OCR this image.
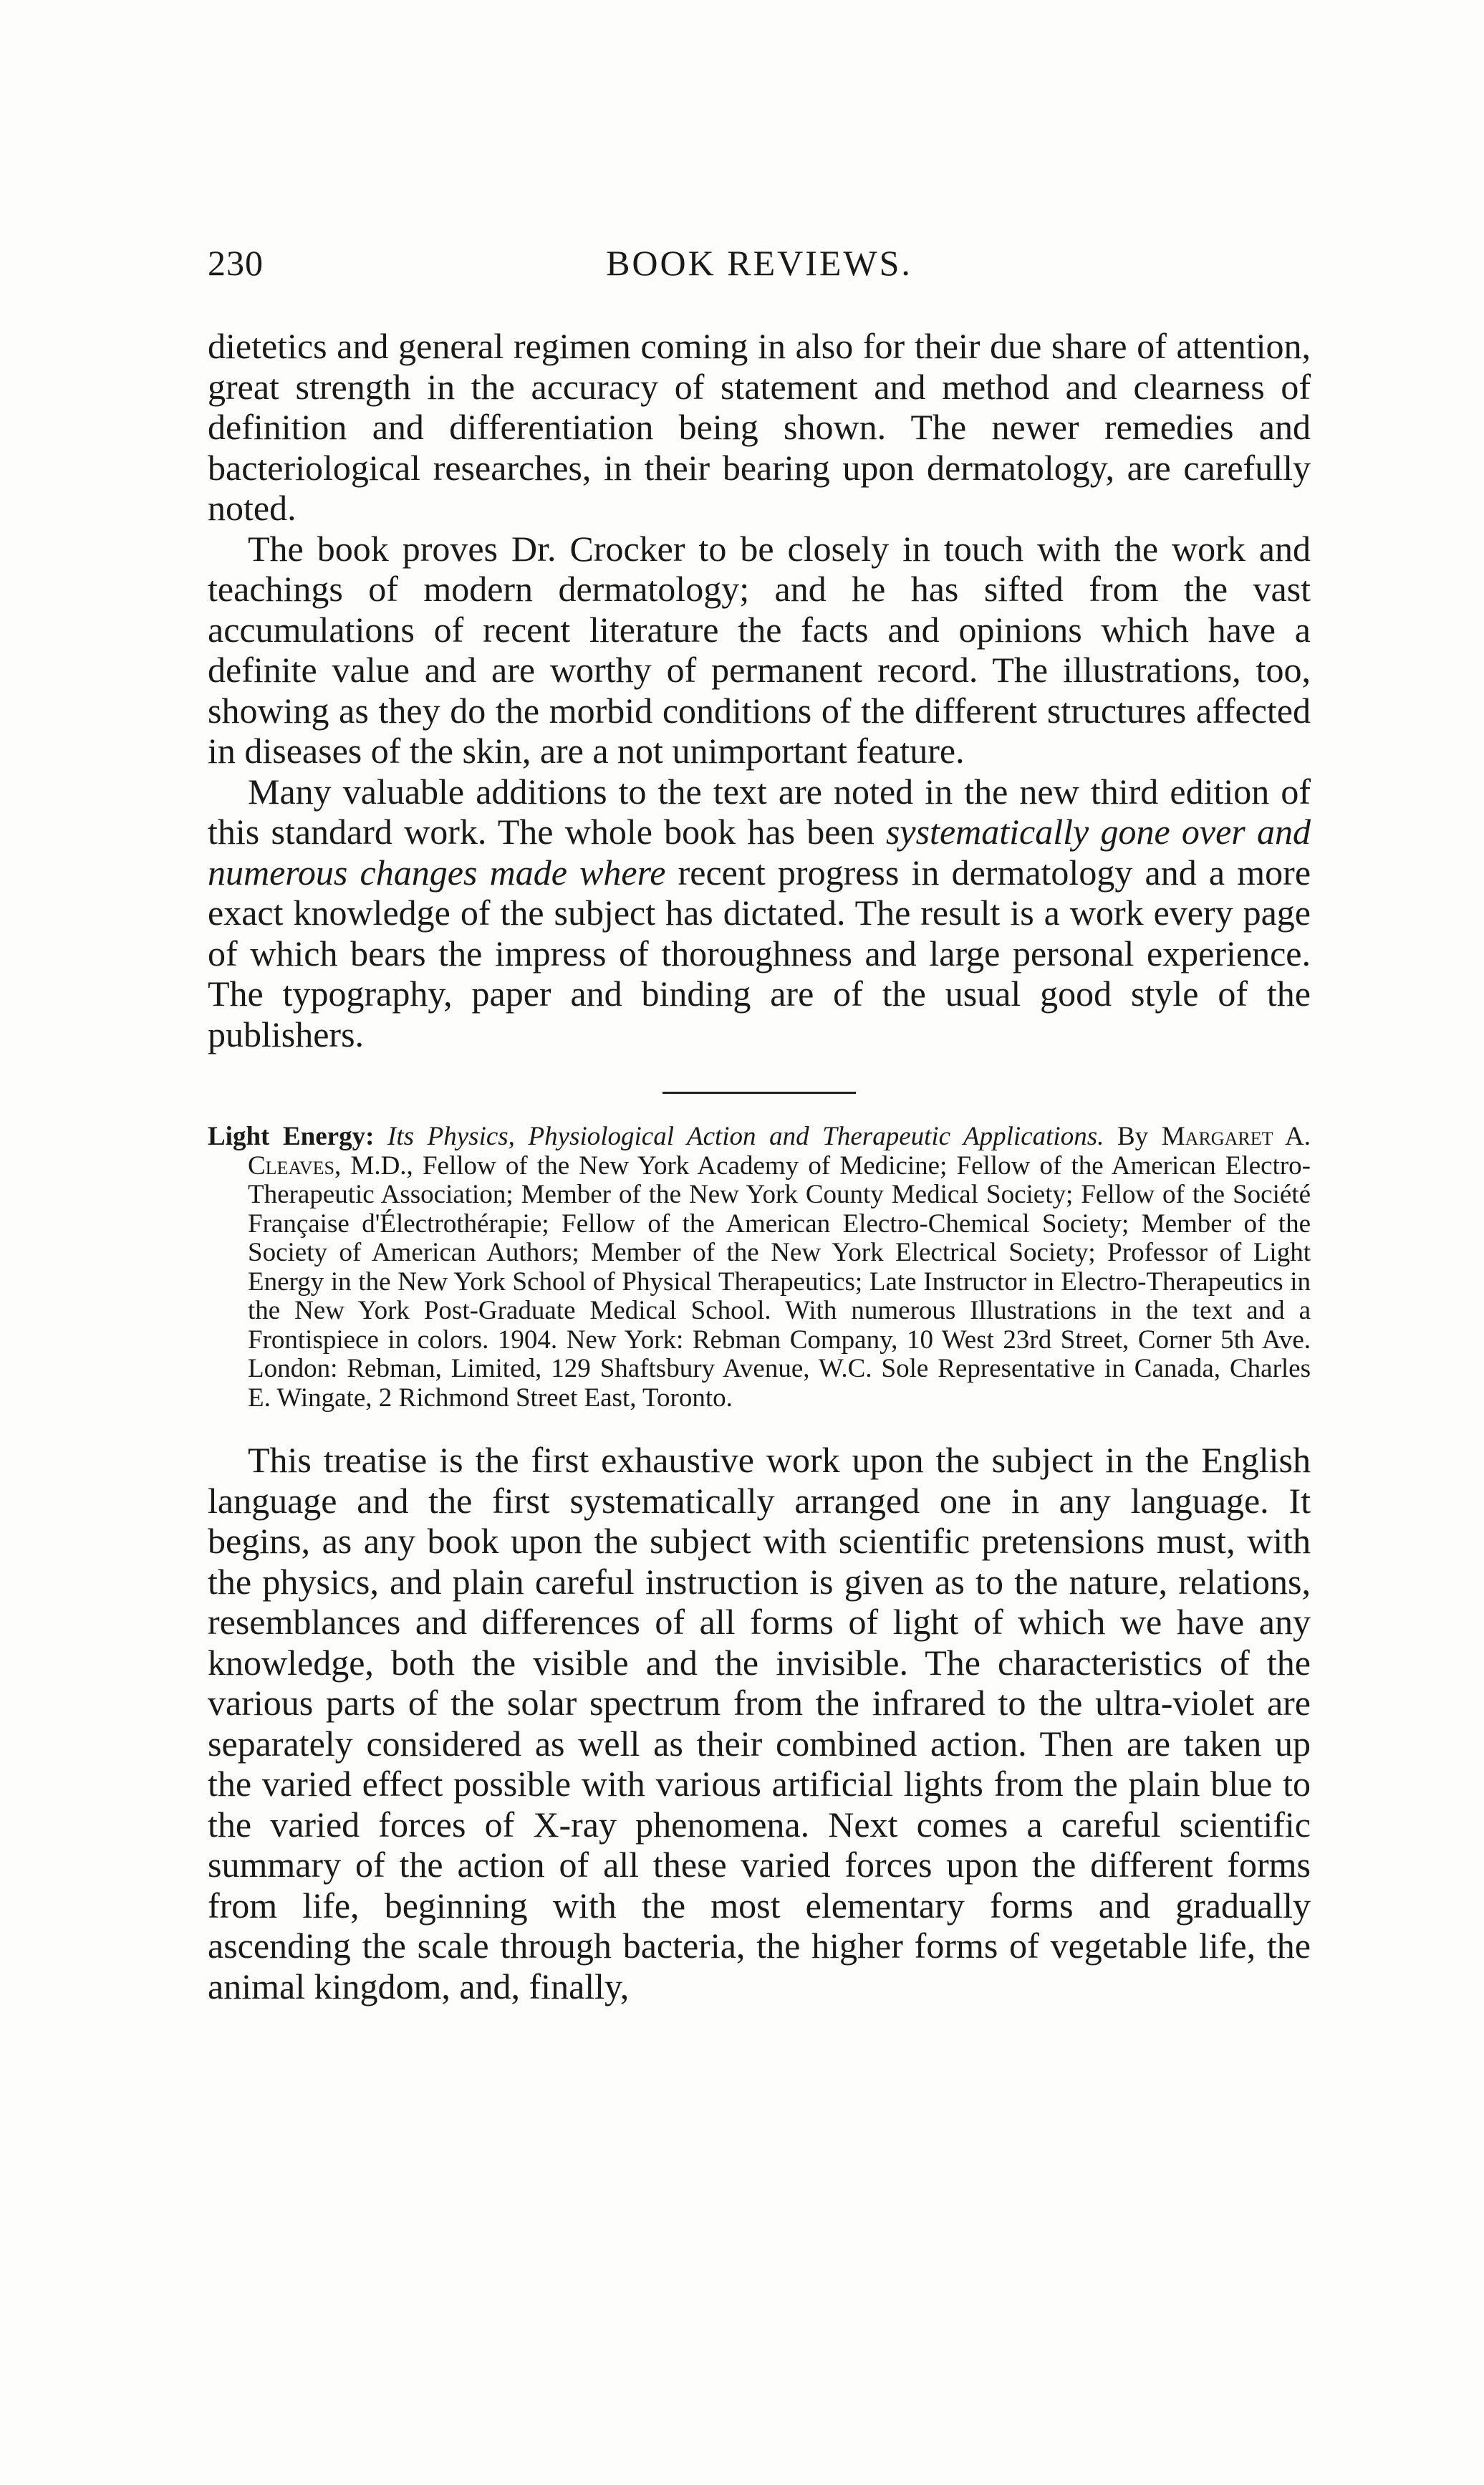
230	BOOK REVIEWS.

dietetics and general regimen coming in also for their due share of attention, great strength in the accuracy of statement and method and clearness of definition and differentiation being shown. The newer remedies and bacteriological researches, in their bearing upon dermatology, are carefully noted.

The book proves Dr. Crocker to be closely in touch with the work and teachings of modern dermatology; and he has sifted from the vast accumulations of recent literature the facts and opinions which have a definite value and are worthy of permanent record. The illustrations, too, showing as they do the morbid conditions of the different structures affected in diseases of the skin, are a not unimportant feature.

Many valuable additions to the text are noted in the new third edition of this standard work. The whole book has been systematically gone over and numerous changes made where recent progress in dermatology and a more exact knowledge of the subject has dictated. The result is a work every page of which bears the impress of thoroughness and large personal experience. The typography, paper and binding are of the usual good style of the publishers.

Light Energy: Its Physics, Physiological Action and Therapeutic Applications. By Margaret A. Cleaves, M.D., Fellow of the New York Academy of Medicine; Fellow of the American Electro-Therapeutic Association; Member of the New York County Medical Society; Fellow of the Société Française d'Électrothérapie; Fellow of the American Electro-Chemical Society; Member of the Society of American Authors; Member of the New York Electrical Society; Professor of Light Energy in the New York School of Physical Therapeutics; Late Instructor in Electro-Therapeutics in the New York Post-Graduate Medical School. With numerous Illustrations in the text and a Frontispiece in colors. 1904. New York: Rebman Company, 10 West 23rd Street, Corner 5th Ave. London: Rebman, Limited, 129 Shaftsbury Avenue, W.C. Sole Representative in Canada, Charles E. Wingate, 2 Richmond Street East, Toronto.

This treatise is the first exhaustive work upon the subject in the English language and the first systematically arranged one in any language. It begins, as any book upon the subject with scientific pretensions must, with the physics, and plain careful instruction is given as to the nature, relations, resemblances and differences of all forms of light of which we have any knowledge, both the visible and the invisible. The characteristics of the various parts of the solar spectrum from the infrared to the ultra-violet are separately considered as well as their combined action. Then are taken up the varied effect possible with various artificial lights from the plain blue to the varied forces of X-ray phenomena. Next comes a careful scientific summary of the action of all these varied forces upon the different forms from life, beginning with the most elementary forms and gradually ascending the scale through bacteria, the higher forms of vegetable life, the animal kingdom, and, finally,
